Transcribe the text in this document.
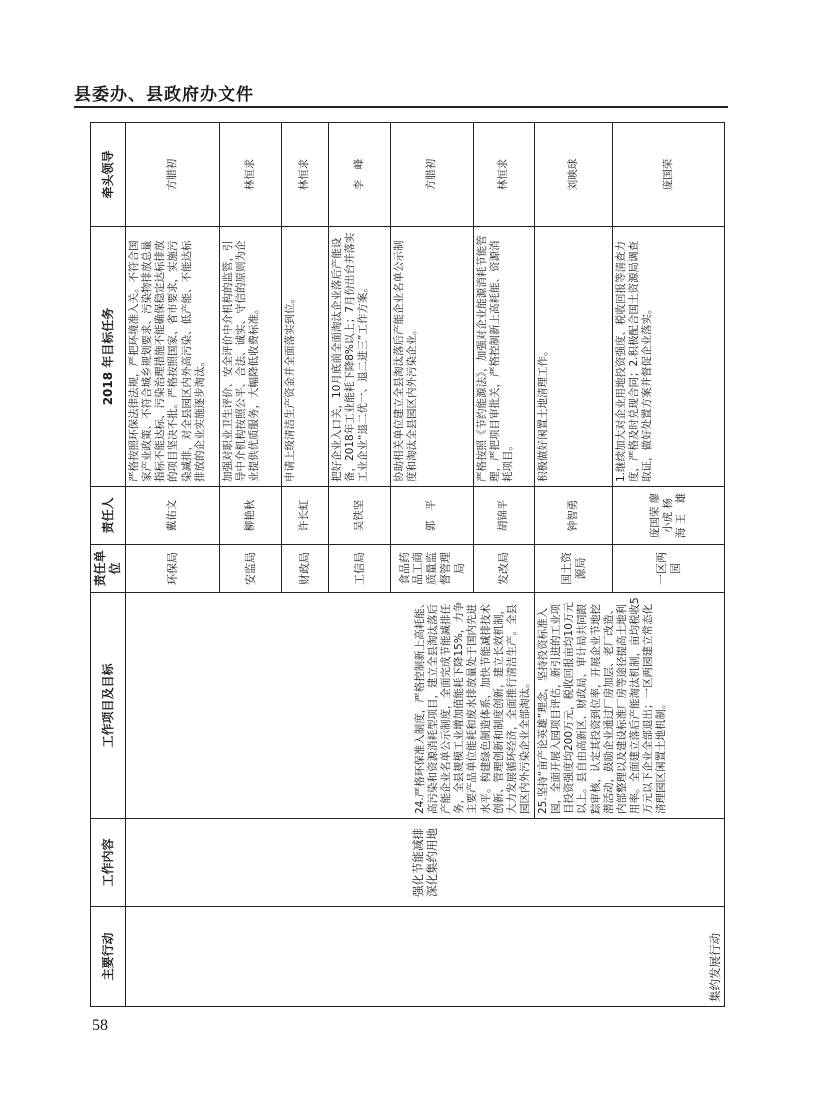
县委办、县政府办文件
主要行动	工作内容	工作项目及目标	责任单位	责任人	2018 年目标任务	牵头领导
集约发展行动	强化节能减排深化集约用地	24.严格环保准入制度，严格控制新上高耗能、高污染和资源消耗型项目，建立全县淘汰落后产能企业名单公示制度，全面完成节能减排任务，全县规模工业增加值能耗下降15%，力争主要产品单位能耗和废水排放量处于国内先进水平。构建绿色制造体系，加快节能减排技术创新、管理创新和制度创新，建立长效机制，大力发展循环经济，全面推行清洁生产。全县园区内外污染企业全部淘汰。	环保局	戴佑文	严格按照环保法律法规，严把环境准入关。不符合国家产业政策、不符合城乡规划要求、污染物排放总量指标不能达标、污染治理措施不能确保稳定达标排放的项目坚决不批。严格按照国家、省市要求，实施污染减排，对全县园区内外高污染、低产能、不能达标排放的企业实施逐步淘汰。	方腊初
			安监局	柳艳秋	加强对职业卫生评价、安全评价中介机构的监管，引导中介机构按照公平、合法、诚实、守信的原则为企业提供优质服务，大幅降低收费标准。	林恒求
			财政局	许长虹	申请上级清洁生产资金并全面落实到位。	林恒求
			工信局	吴铁坚	把好企业入口关，10月底前全面淘汰企业落后产能设备，2018年工业能耗下降8%以上；7月份出台并落实工业企业“退二优一、退二进三”工作方案。	李　峰
			食品药品工商质量监督管理局	郭　平	协助相关单位建立全县淘汰落后产能企业名单公示制度和淘汰全县园区内外污染企业。	方腊初
			发改局	胡锦平	严格按照《节约能源法》，加强对企业能源消耗节能管理，严把项目审批关，严格控制新上高耗能、资源消耗项目。	林恒求
		25.坚持“亩产论英雄”理念，坚持投资标准入园，全面开展入园项目评估，新引进的工业项目投资强度均200万元，税收回报亩均10万元以上。县自由高新区、财政局、审计局共同跟踪审核，认定其投资到位率，开展企业节地挖潜活动，鼓励企业通过厂房加层、老厂改造、内部整理以及建设标准厂房等途径提高土地利用率。全面建立落后产能淘汰机制，亩均税收5万元以下企业全部退出；一区两园建立常态化清理园区闲置土地机制。	国土资源局	钟智勇	积极做好闲置土地清理工作。	刘映球
			一区两园	庞国荣 廖小虎 杨　海 王　雄	1.继续加大对企业用地投资强度、税收回报等清查力度，严格及时兑现合同；2.积极配合国土资源局调查取证，做好处置方案并督促企业落实。	庞国荣
58
